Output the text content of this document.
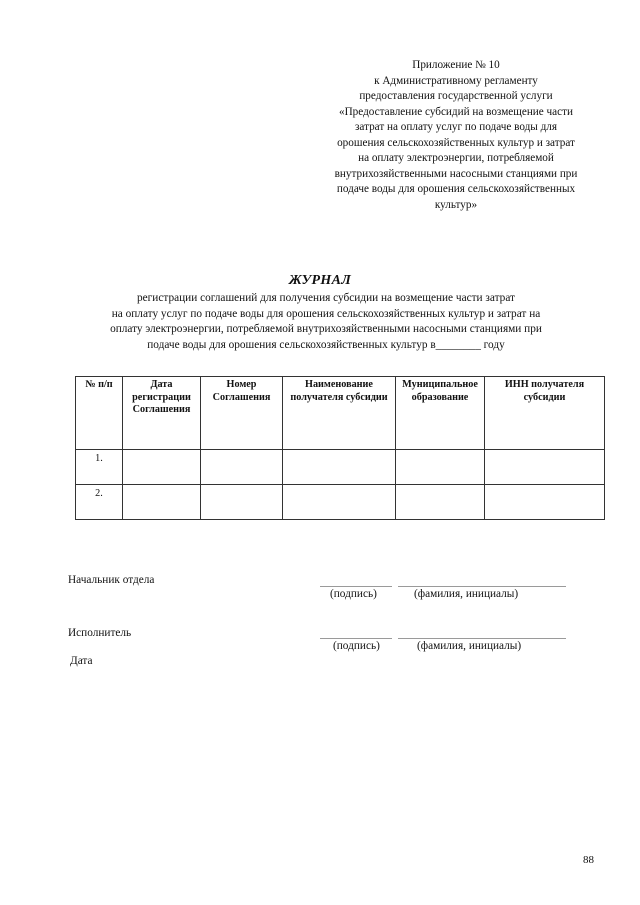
Приложение № 10
к Административному регламенту
предоставления государственной услуги
«Предоставление субсидий на возмещение части
затрат на оплату услуг по подаче воды для
орошения сельскохозяйственных культур и затрат
на оплату электроэнергии, потребляемой
внутрихозяйственными насосными станциями при
подаче воды для орошения сельскохозяйственных
культур»
ЖУРНАЛ
регистрации соглашений для получения субсидии на возмещение части затрат
на оплату услуг по подаче воды для орошения сельскохозяйственных культур и затрат на
оплату электроэнергии, потребляемой внутрихозяйственными насосными станциями при
подаче воды для орошения сельскохозяйственных культур в________ году
№ п/п	Дата регистрации Соглашения	Номер Соглашения	Наименование получателя субсидии	Муниципальное образование	ИНН получателя субсидии
1.					
2.					
Начальник отдела
(подпись)	(фамилия, инициалы)
Исполнитель
(подпись)	(фамилия, инициалы)
Дата
88
